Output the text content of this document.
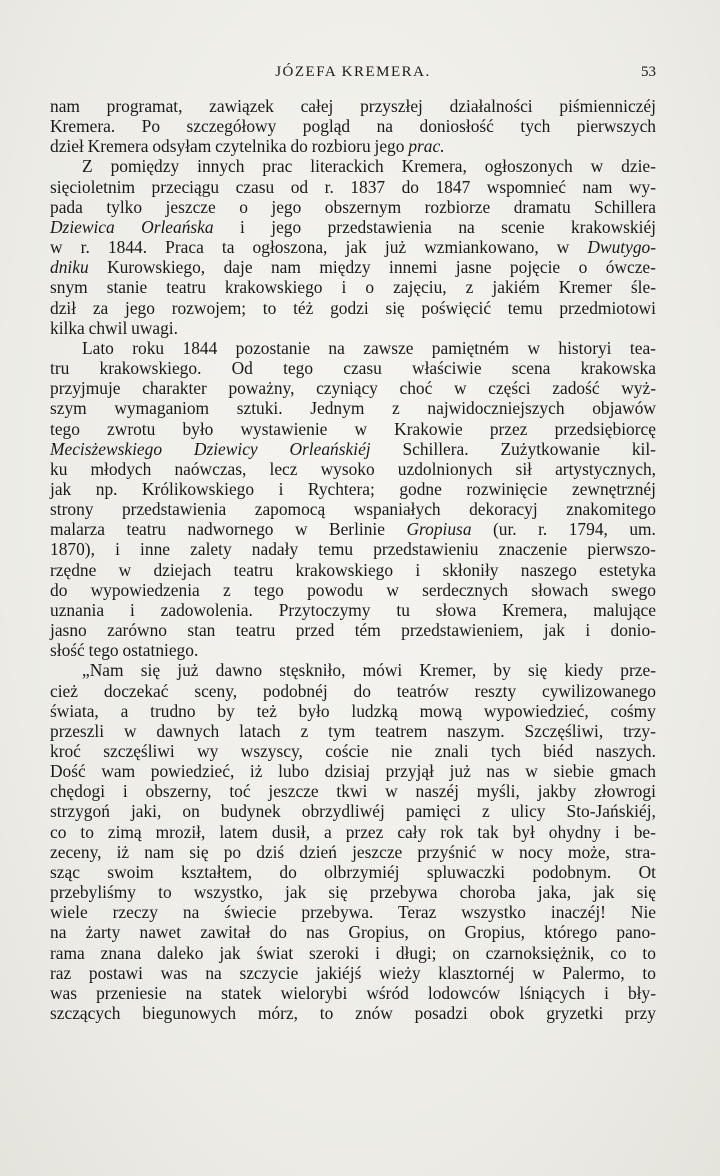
JÓZEFA KREMERA.	53
nam programat, zawiązek całej przyszłej działalności piśmienniczéj
Kremera. Po szczegółowy pogląd na doniosłość tych pierwszych
dzieł Kremera odsyłam czytelnika do rozbioru jego prac.
Z pomiędzy innych prac literackich Kremera, ogłoszonych w dzie-
sięcioletnim przeciągu czasu od r. 1837 do 1847 wspomnieć nam wy-
pada tylko jeszcze o jego obszernym rozbiorze dramatu Schillera
Dziewica Orleańska i jego przedstawienia na scenie krakowskiéj
w r. 1844. Praca ta ogłoszona, jak już wzmiankowano, w Dwutygo-
dniku Kurowskiego, daje nam między innemi jasne pojęcie o ówcze-
snym stanie teatru krakowskiego i o zajęciu, z jakiém Kremer śle-
dził za jego rozwojem; to téż godzi się poświęcić temu przedmiotowi
kilka chwil uwagi.
Lato roku 1844 pozostanie na zawsze pamiętném w historyi tea-
tru krakowskiego. Od tego czasu właściwie scena krakowska
przyjmuje charakter poważny, czyniący choć w części zadość wyż-
szym wymaganiom sztuki. Jednym z najwidoczniejszych objawów
tego zwrotu było wystawienie w Krakowie przez przedsiębiorcę
Mecisżewskiego Dziewicy Orleańskiéj Schillera. Zużytkowanie kil-
ku młodych naówczas, lecz wysoko uzdolnionych sił artystycznych,
jak np. Królikowskiego i Rychtera; godne rozwinięcie zewnętrznéj
strony przedstawienia zapomocą wspaniałych dekoracyj znakomitego
malarza teatru nadwornego w Berlinie Gropiusa (ur. r. 1794, um.
1870), i inne zalety nadały temu przedstawieniu znaczenie pierwszo-
rzędne w dziejach teatru krakowskiego i skłoniły naszego estetyka
do wypowiedzenia z tego powodu w serdecznych słowach swego
uznania i zadowolenia. Przytoczymy tu słowa Kremera, malujące
jasno zarówno stan teatru przed tém przedstawieniem, jak i donio-
słość tego ostatniego.
„Nam się już dawno stęskniło, mówi Kremer, by się kiedy prze-
cież doczekać sceny, podobnéj do teatrów reszty cywilizowanego
świata, a trudno by też było ludzką mową wypowiedzieć, cośmy
przeszli w dawnych latach z tym teatrem naszym. Szczęśliwi, trzy-
kroć szczęśliwi wy wszyscy, coście nie znali tych biéd naszych.
Dość wam powiedzieć, iż lubo dzisiaj przyjął już nas w siebie gmach
chędogi i obszerny, toć jeszcze tkwi w naszéj myśli, jakby złowrogi
strzygoń jaki, on budynek obrzydliwéj pamięci z ulicy Sto-Jańskiéj,
co to zimą mroził, latem dusił, a przez cały rok tak był ohydny i be-
zeceny, iż nam się po dziś dzień jeszcze przyśnić w nocy może, stra-
sząc swoim kształtem, do olbrzymiéj spluwaczki podobnym. Ot
przebyliśmy to wszystko, jak się przebywa choroba jaka, jak się
wiele rzeczy na świecie przebywa. Teraz wszystko inaczéj! Nie
na żarty nawet zawitał do nas Gropius, on Gropius, którego pano-
rama znana daleko jak świat szeroki i długi; on czarnoksiężnik, co to
raz postawi was na szczycie jakiéjś wieży klasztornéj w Palermo, to
was przeniesie na statek wielorybi wśród lodowców lśniących i bły-
szczących biegunowych mórz, to znów posadzi obok gryzetki przy
